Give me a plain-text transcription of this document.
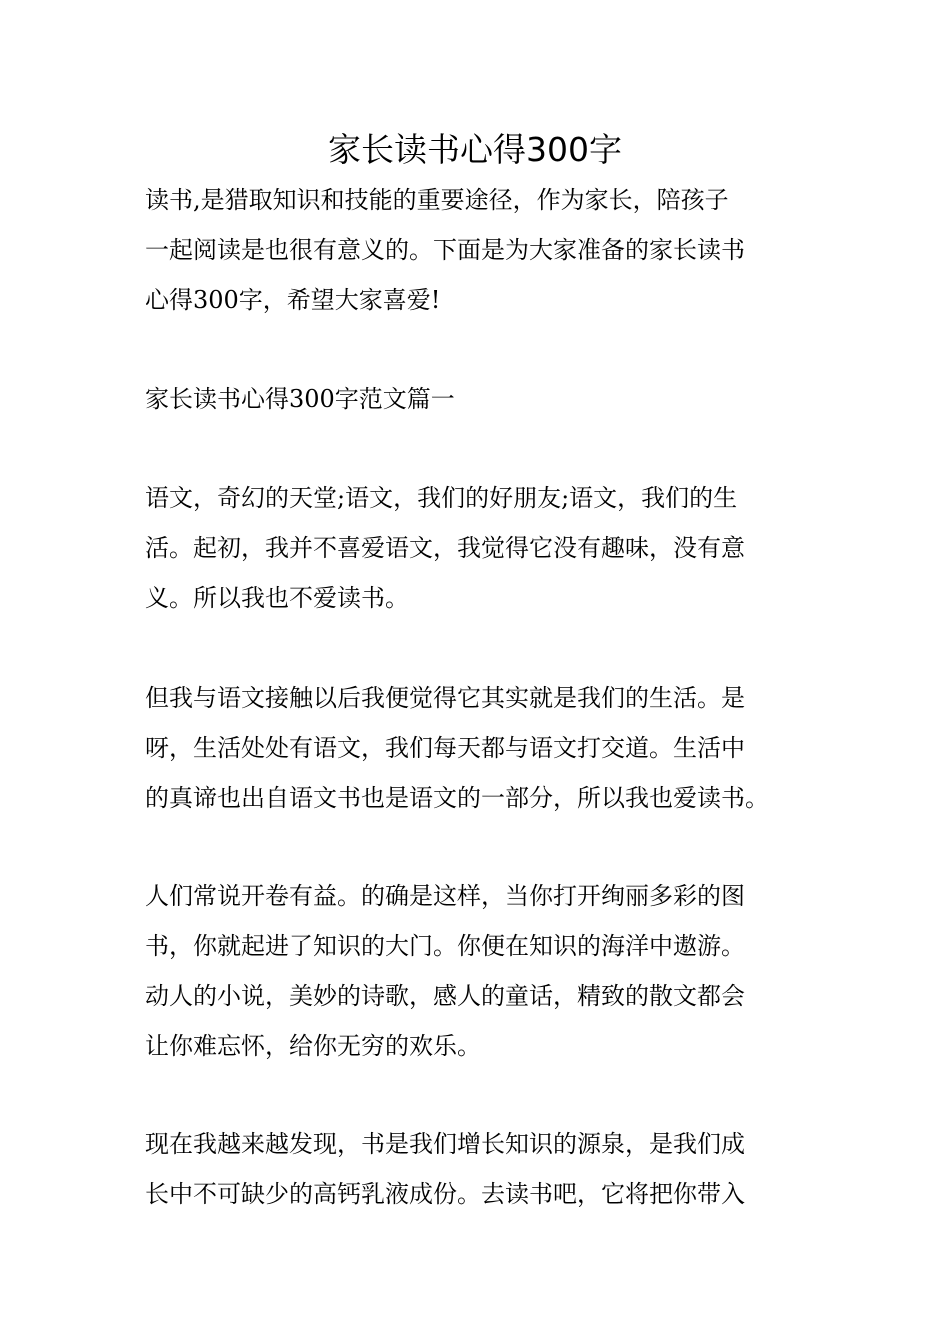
家长读书心得300字

读书,是猎取知识和技能的重要途径，作为家长，陪孩子

一起阅读是也很有意义的。下面是为大家准备的家长读书

心得300字，希望大家喜爱!

家长读书心得300字范文篇一

语文，奇幻的天堂;语文，我们的好朋友;语文，我们的生

活。起初，我并不喜爱语文，我觉得它没有趣味，没有意

义。所以我也不爱读书。

但我与语文接触以后我便觉得它其实就是我们的生活。是

呀，生活处处有语文，我们每天都与语文打交道。生活中

的真谛也出自语文书也是语文的一部分，所以我也爱读书。

人们常说开卷有益。的确是这样，当你打开绚丽多彩的图

书，你就起进了知识的大门。你便在知识的海洋中遨游。

动人的小说，美妙的诗歌，感人的童话，精致的散文都会

让你难忘怀，给你无穷的欢乐。

现在我越来越发现，书是我们增长知识的源泉，是我们成

长中不可缺少的高钙乳液成份。去读书吧，它将把你带入
